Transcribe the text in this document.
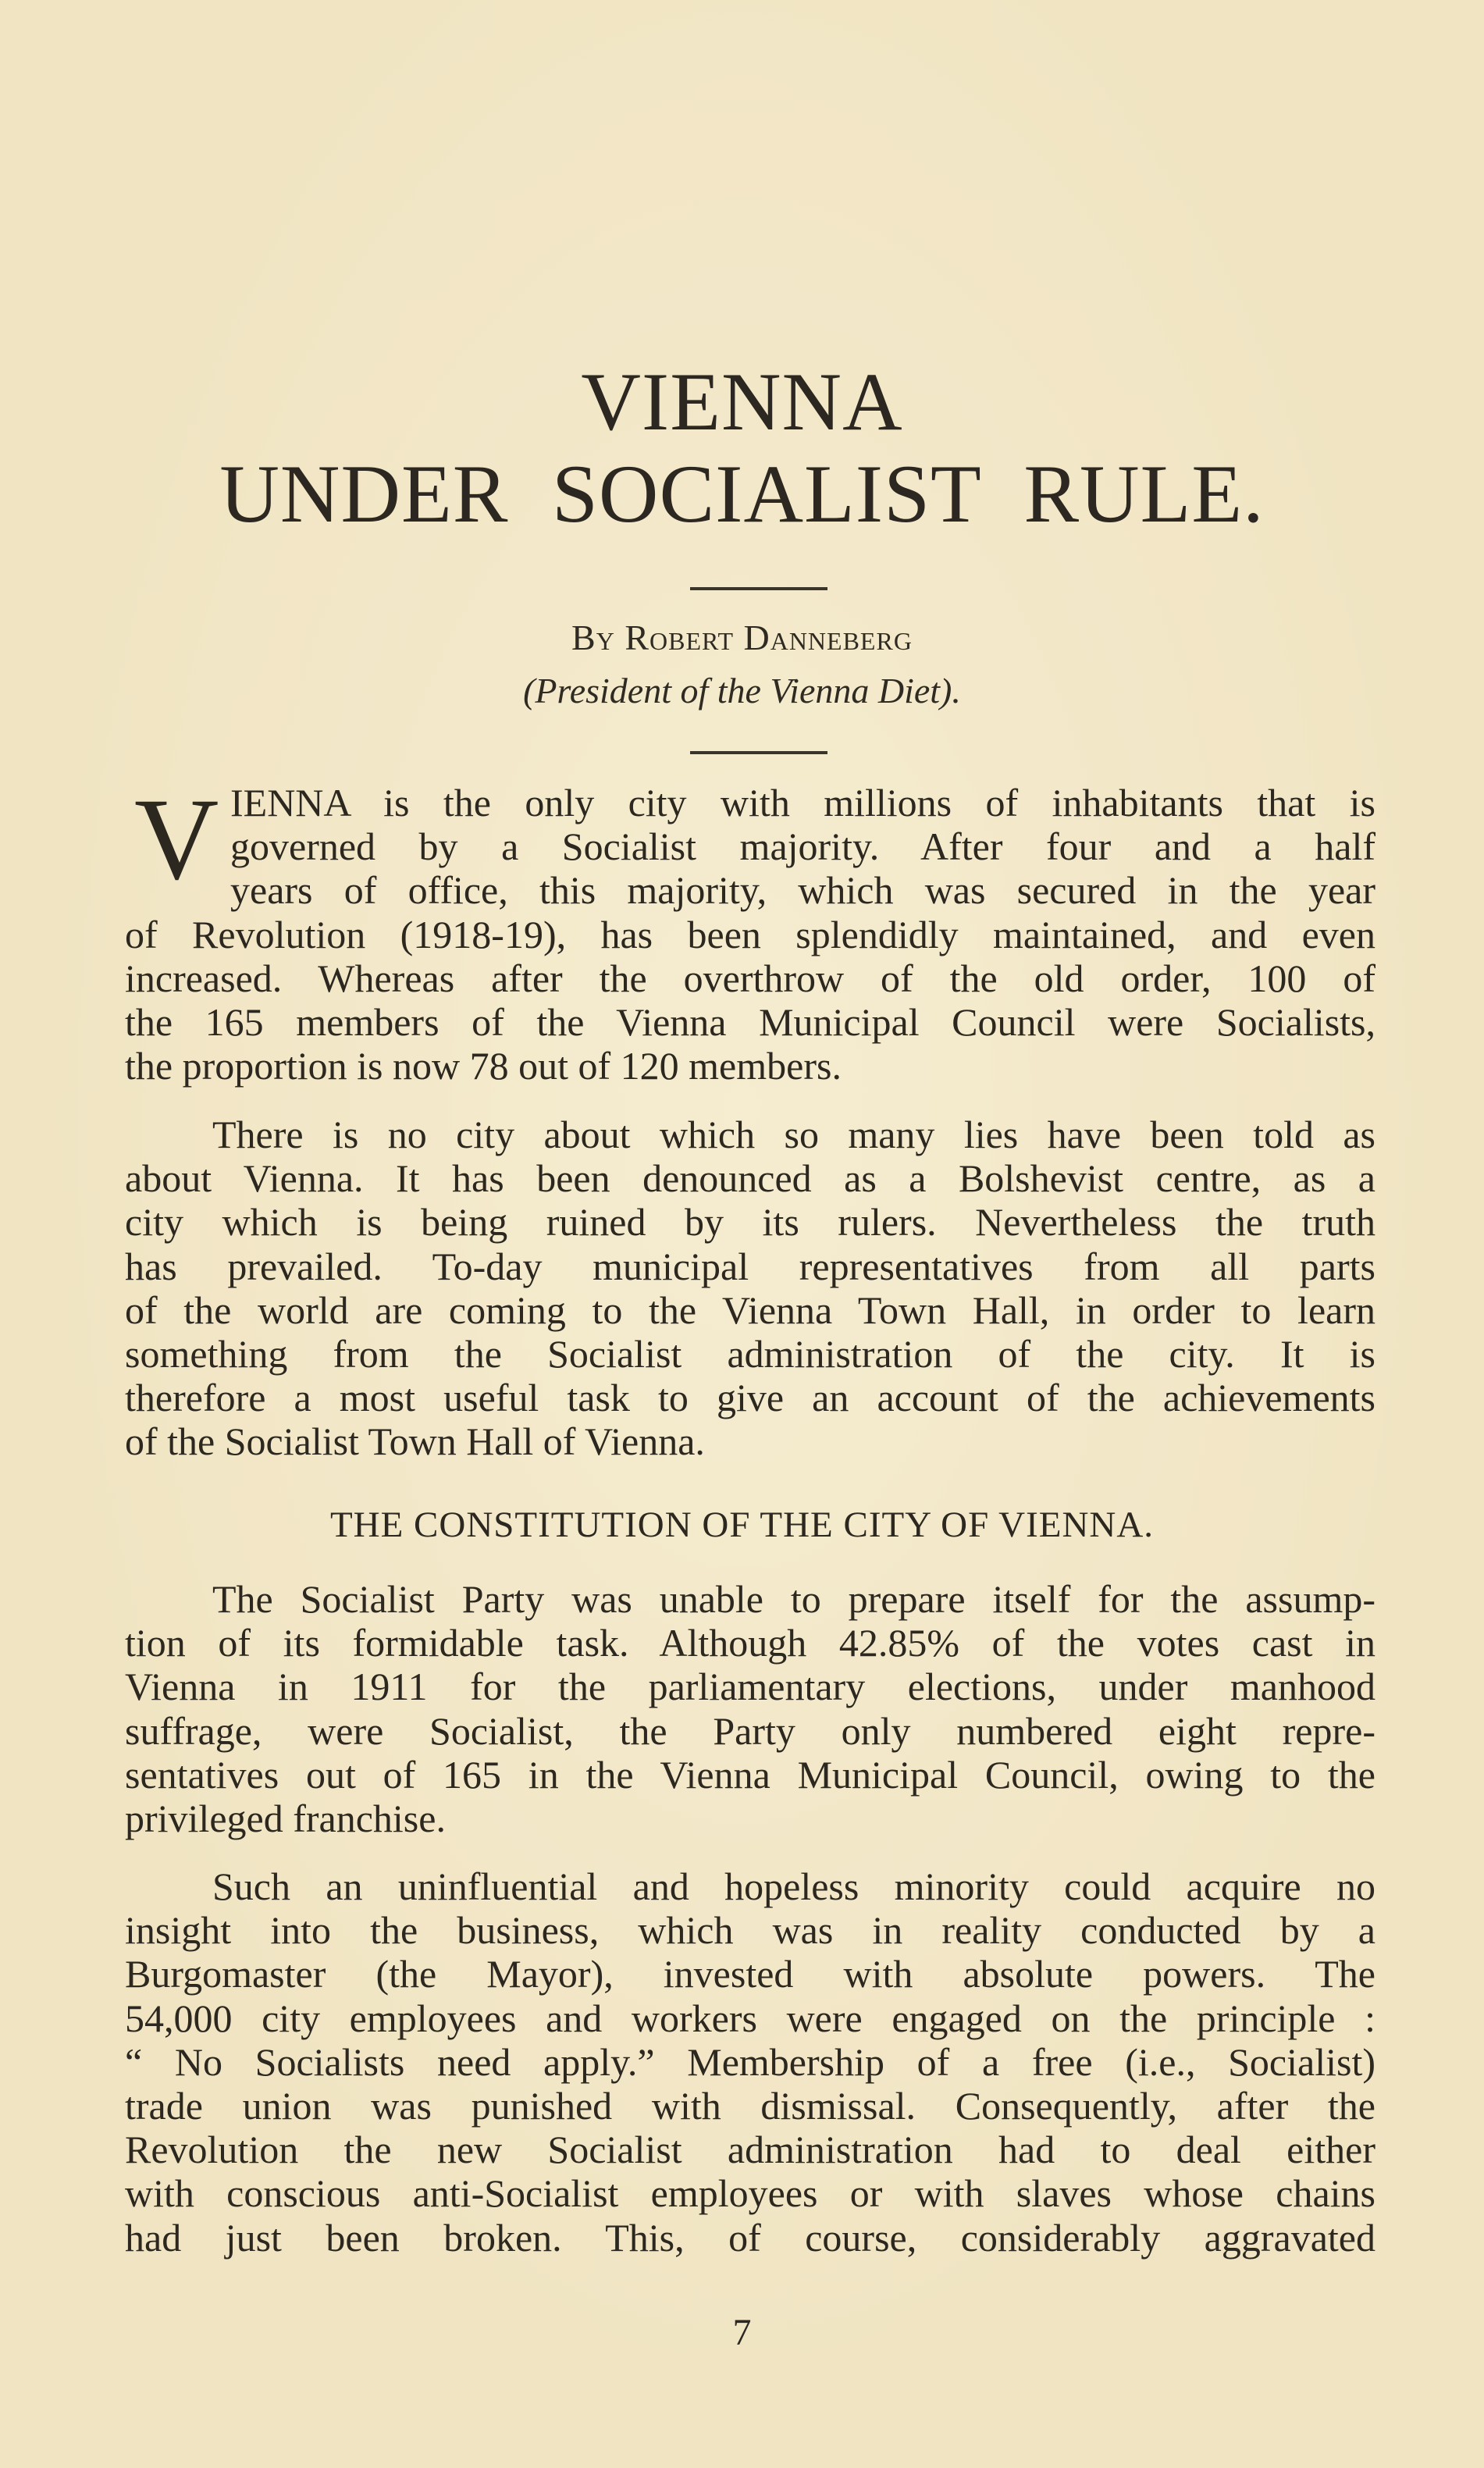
VIENNA
UNDER SOCIALIST RULE.
By Robert Danneberg
(President of the Vienna Diet).
V IENNA is the only city with millions of inhabitants that is
governed by a Socialist majority. After four and a half
years of office, this majority, which was secured in the year
of Revolution (1918-19), has been splendidly maintained, and even
increased. Whereas after the overthrow of the old order, 100 of
the 165 members of the Vienna Municipal Council were Socialists,
the proportion is now 78 out of 120 members.
There is no city about which so many lies have been told as
about Vienna. It has been denounced as a Bolshevist centre, as a
city which is being ruined by its rulers. Nevertheless the truth
has prevailed. To-day municipal representatives from all parts
of the world are coming to the Vienna Town Hall, in order to learn
something from the Socialist administration of the city. It is
therefore a most useful task to give an account of the achievements
of the Socialist Town Hall of Vienna.
THE CONSTITUTION OF THE CITY OF VIENNA.
The Socialist Party was unable to prepare itself for the assump-
tion of its formidable task. Although 42.85% of the votes cast in
Vienna in 1911 for the parliamentary elections, under manhood
suffrage, were Socialist, the Party only numbered eight repre-
sentatives out of 165 in the Vienna Municipal Council, owing to the
privileged franchise.
Such an uninfluential and hopeless minority could acquire no
insight into the business, which was in reality conducted by a
Burgomaster (the Mayor), invested with absolute powers. The
54,000 city employees and workers were engaged on the principle :
“ No Socialists need apply.” Membership of a free (i.e., Socialist)
trade union was punished with dismissal. Consequently, after the
Revolution the new Socialist administration had to deal either
with conscious anti-Socialist employees or with slaves whose chains
had just been broken. This, of course, considerably aggravated
7
